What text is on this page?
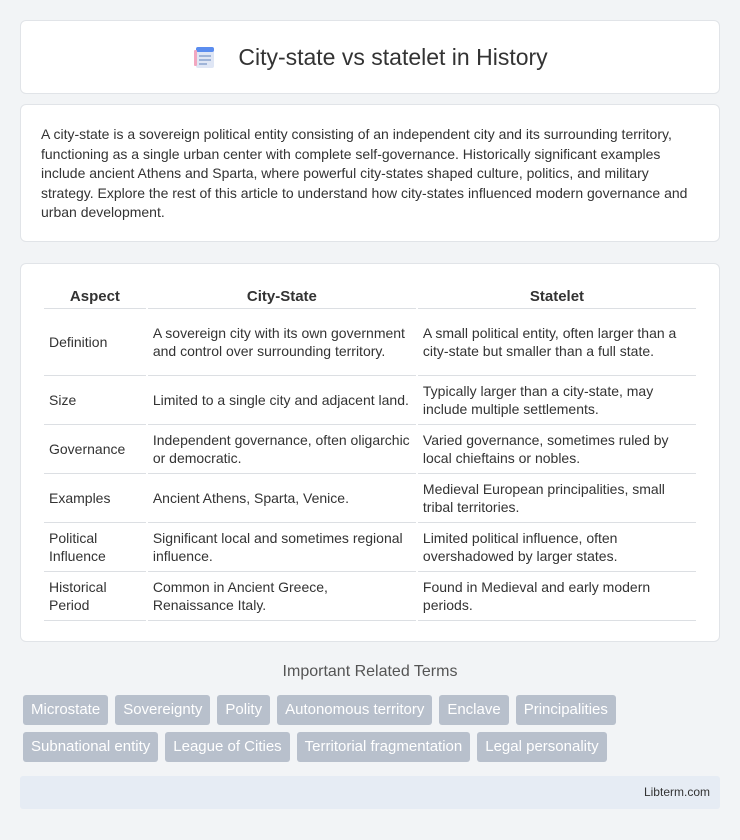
City-state vs statelet in History

A city-state is a sovereign political entity consisting of an independent city and its surrounding territory, functioning as a single urban center with complete self-governance. Historically significant examples include ancient Athens and Sparta, where powerful city-states shaped culture, politics, and military strategy. Explore the rest of this article to understand how city-states influenced modern governance and urban development.

Aspect	City-State	Statelet
Definition	A sovereign city with its own government and control over surrounding territory.	A small political entity, often larger than a city-state but smaller than a full state.
Size	Limited to a single city and adjacent land.	Typically larger than a city-state, may include multiple settlements.
Governance	Independent governance, often oligarchic or democratic.	Varied governance, sometimes ruled by local chieftains or nobles.
Examples	Ancient Athens, Sparta, Venice.	Medieval European principalities, small tribal territories.
Political Influence	Significant local and sometimes regional influence.	Limited political influence, often overshadowed by larger states.
Historical Period	Common in Ancient Greece, Renaissance Italy.	Found in Medieval and early modern periods.
Important Related Terms
Microstate	Sovereignty	Polity	Autonomous territory	Enclave	Principalities
Subnational entity	League of Cities	Territorial fragmentation	Legal personality
Libterm.com
